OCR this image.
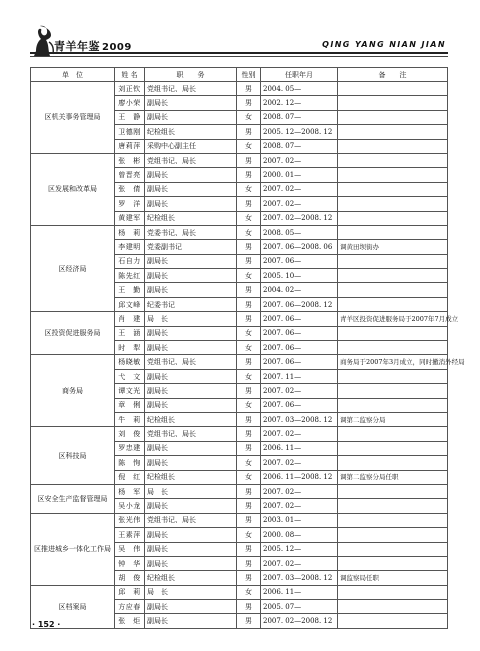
青羊年鉴 2009	QING YANG NIAN JIAN
单　位	姓 名	职　　务	性别	任职年月	备　　注
区机关事务管理局	刘正钦	党组书记、局长	男	2004. 05—	
	廖小荣	副局长	男	2002. 12—	
	王　静	副局长	女	2008. 07—	
	卫德刚	纪检组长	男	2005. 12—2008. 12	
	唐莉萍	采购中心副主任	女	2008. 07—	
区发展和改革局	张　彬	党组书记、局长	男	2007. 02—	
	曾晋亮	副局长	男	2000. 01—	
	张　倩	副局长	女	2007. 02—	
	罗　洋	副局长	男	2007. 02—	
	黄建军	纪检组长	女	2007. 02—2008. 12	
区经济局	杨　莉	党委书记、局长	女	2008. 05—	
	李建明	党委副书记	男	2007. 06—2008. 06	调黄田坝街办
	石自力	副局长	男	2007. 06—	
	陈先红	副局长	女	2005. 10—	
	王　勤	副局长	男	2004. 02—	
	邱文峰	纪委书记	男	2007. 06—2008. 12	
区投资促进服务局	肖　建	局　长	男	2007. 06—	青羊区投资促进服务局于2007年7月成立
	王　涵	副局长	女	2007. 06—	
	时　犁	副局长	女	2007. 06—	
商务局	杨晓敏	党组书记、局长	男	2007. 06—	商务局于2007年3月成立，同时撤消外经局
	弋　文	副局长	女	2007. 11—	
	谭文光	副局长	男	2007. 02—	
	章　俐	副局长	女	2007. 06—	
	牛　莉	纪检组长	男	2007. 03—2008. 12	调第二监察分局
区科技局	刘　俊	党组书记、局长	男	2007. 02—	
	罗忠建	副局长	男	2006. 11—	
	陈　恂	副局长	女	2007. 02—	
	倪　红	纪检组长	女	2006. 11—2008. 12	调第二监察分局任职
区安全生产监督管理局	杨　军	局　长	男	2007. 02—	
	吴小龙	副局长	男	2007. 02—	
区推进城乡一体化工作局	张光伟	党组书记、局长	男	2003. 01—	
	王素萍	副局长	女	2000. 08—	
	吴　伟	副局长	男	2005. 12—	
	钟　华	副局长	男	2007. 02—	
	胡　俊	纪检组长	男	2007. 03—2008. 12	调监察局任职
区档案局	邱　莉	局　长	女	2006. 11—	
	方应春	副局长	男	2005. 07—	
	张　炬	副局长	男	2007. 02—2008. 12	
· 152 ·
